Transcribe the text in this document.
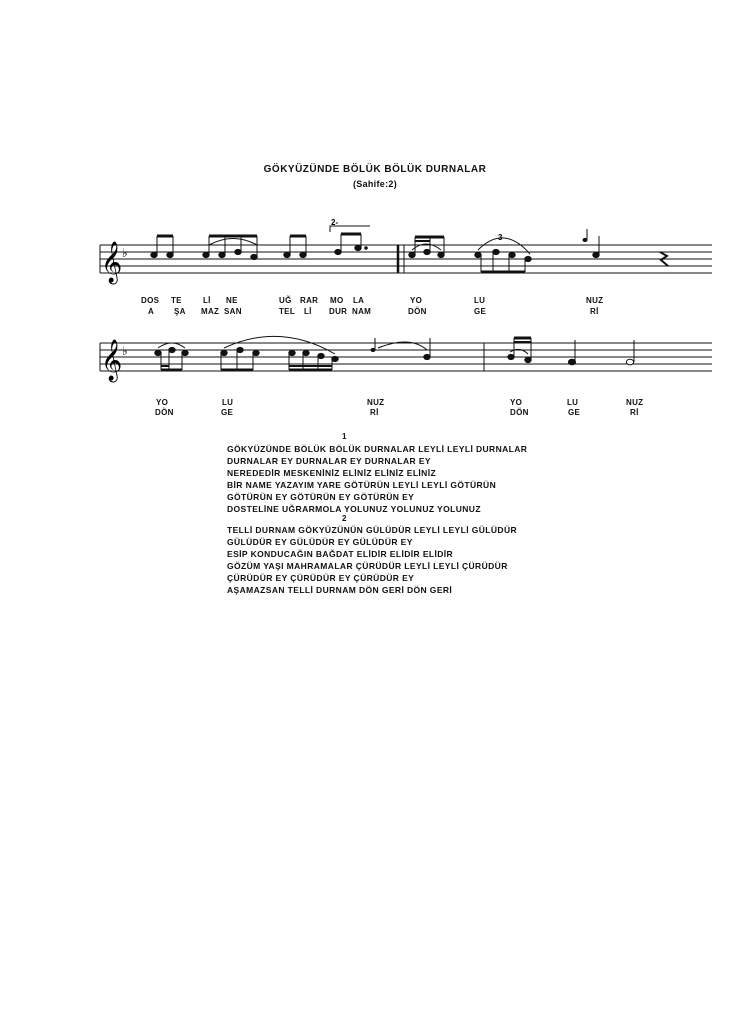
GÖKYÜZÜNDE BÖLÜK BÖLÜK DURNALAR
(Sahife:2)
𝄞 ♭
2-
3
DOS TE	Lİ NE	UĞ RAR MO LA	YO	LU	NUZ
A ŞA MAZ SAN	TEL Lİ DUR NAM	DÖN	GE	Rİ
𝄞 ♭
YO	LU	NUZ	YO	LU	NUZ
DÖN	GE	Rİ	DÖN	GE	Rİ
1
GÖKYÜZÜNDE BÖLÜK BÖLÜK DURNALAR LEYLİ LEYLİ DURNALAR
DURNALAR EY DURNALAR EY DURNALAR EY
NEREDEDİR MESKENİNİZ ELİNİZ ELİNİZ ELİNİZ
BİR NAME YAZAYIM YARE GÖTÜRÜN LEYLİ LEYLİ GÖTÜRÜN
GÖTÜRÜN EY GÖTÜRÜN EY GÖTÜRÜN EY
DOSTELİNE UĞRARMOLA YOLUNUZ YOLUNUZ YOLUNUZ
2
TELLİ DURNAM GÖKYÜZÜNÜN GÜLÜDÜR LEYLİ LEYLİ GÜLÜDÜR
GÜLÜDÜR EY GÜLÜDÜR EY GÜLÜDÜR EY
ESİP KONDUCAĞIN BAĞDAT ELİDİR ELİDİR ELİDİR
GÖZÜM YAŞI MAHRAMALAR ÇÜRÜDÜR LEYLİ LEYLİ ÇÜRÜDÜR
ÇÜRÜDÜR EY ÇÜRÜDÜR EY ÇÜRÜDÜR EY
AŞAMAZSAN TELLİ DURNAM DÖN GERİ DÖN GERİ
